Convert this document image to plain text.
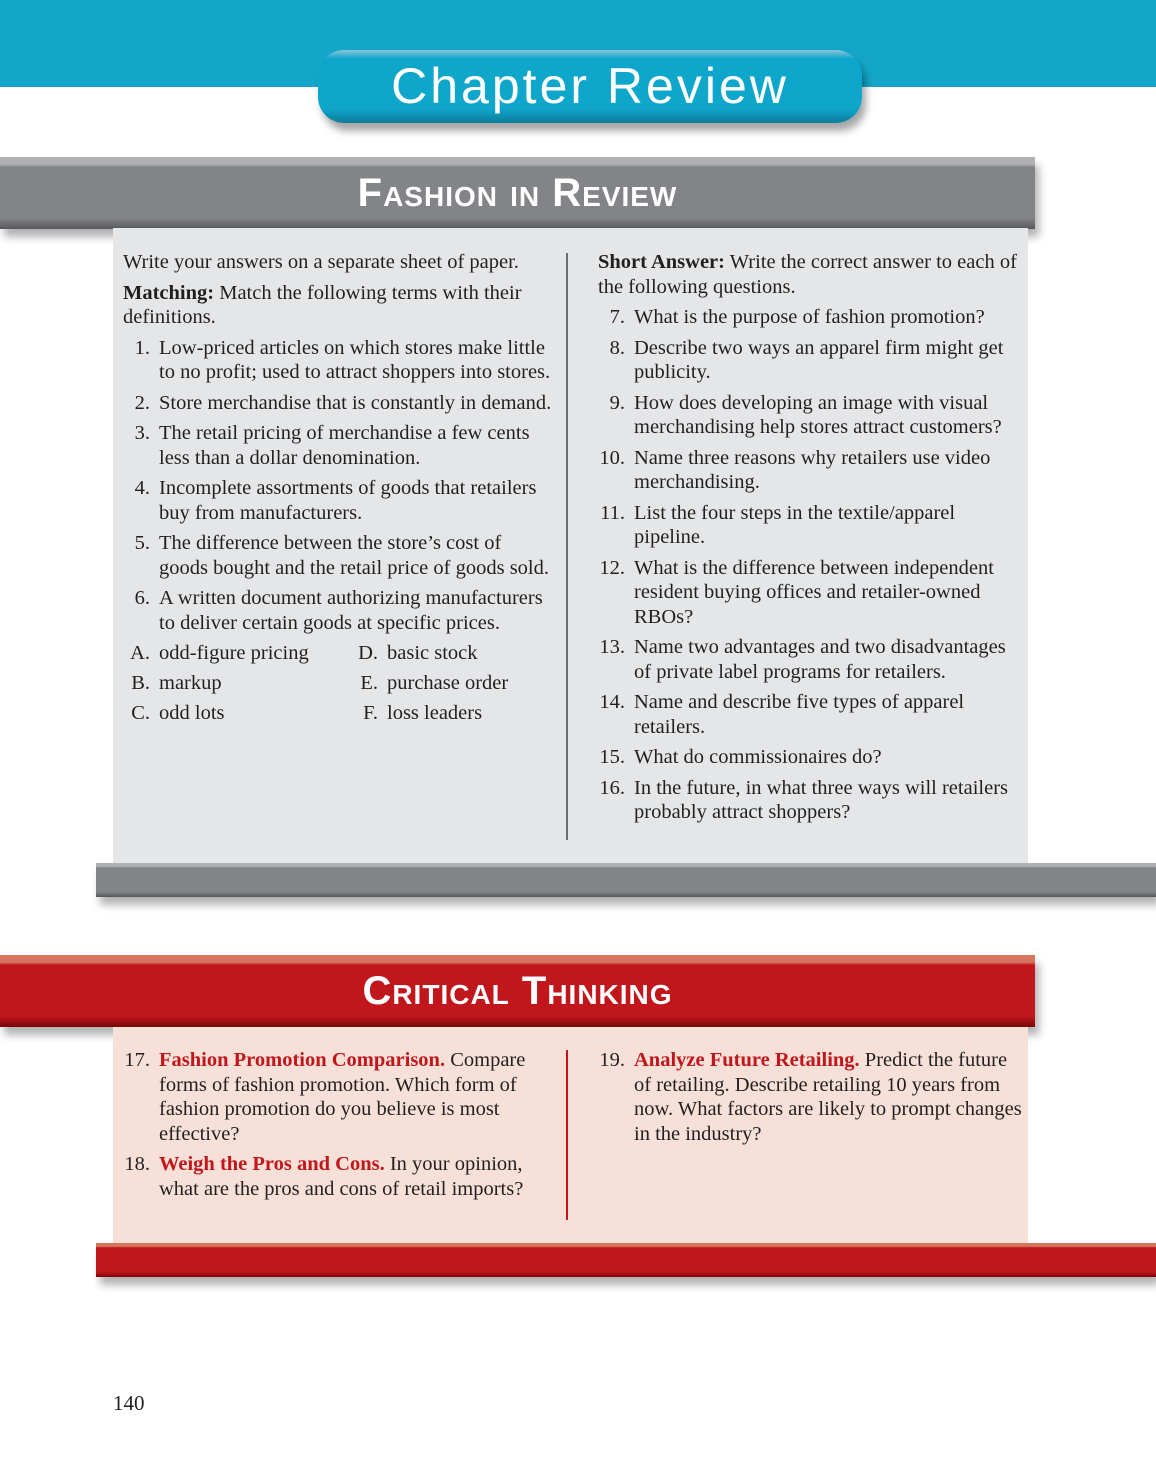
Chapter Review
Fashion in Review
Write your answers on a separate sheet of paper.
Matching: Match the following terms with their definitions.
1. Low-priced articles on which stores make little to no profit; used to attract shoppers into stores.
2. Store merchandise that is constantly in demand.
3. The retail pricing of merchandise a few cents less than a dollar denomination.
4. Incomplete assortments of goods that retailers buy from manufacturers.
5. The difference between the store’s cost of goods bought and the retail price of goods sold.
6. A written document authorizing manufacturers to deliver certain goods at specific prices.
A. odd-figure pricing	D. basic stock
B. markup	E. purchase order
C. odd lots	F. loss leaders
Short Answer: Write the correct answer to each of the following questions.
7. What is the purpose of fashion promotion?
8. Describe two ways an apparel firm might get publicity.
9. How does developing an image with visual merchandising help stores attract customers?
10. Name three reasons why retailers use video merchandising.
11. List the four steps in the textile/apparel pipeline.
12. What is the difference between independent resident buying offices and retailer-owned RBOs?
13. Name two advantages and two disadvantages of private label programs for retailers.
14. Name and describe five types of apparel retailers.
15. What do commissionaires do?
16. In the future, in what three ways will retailers probably attract shoppers?
Critical Thinking
17. Fashion Promotion Comparison. Compare forms of fashion promotion. Which form of fashion promotion do you believe is most effective?
18. Weigh the Pros and Cons. In your opinion, what are the pros and cons of retail imports?
19. Analyze Future Retailing. Predict the future of retailing. Describe retailing 10 years from now. What factors are likely to prompt changes in the industry?
140
